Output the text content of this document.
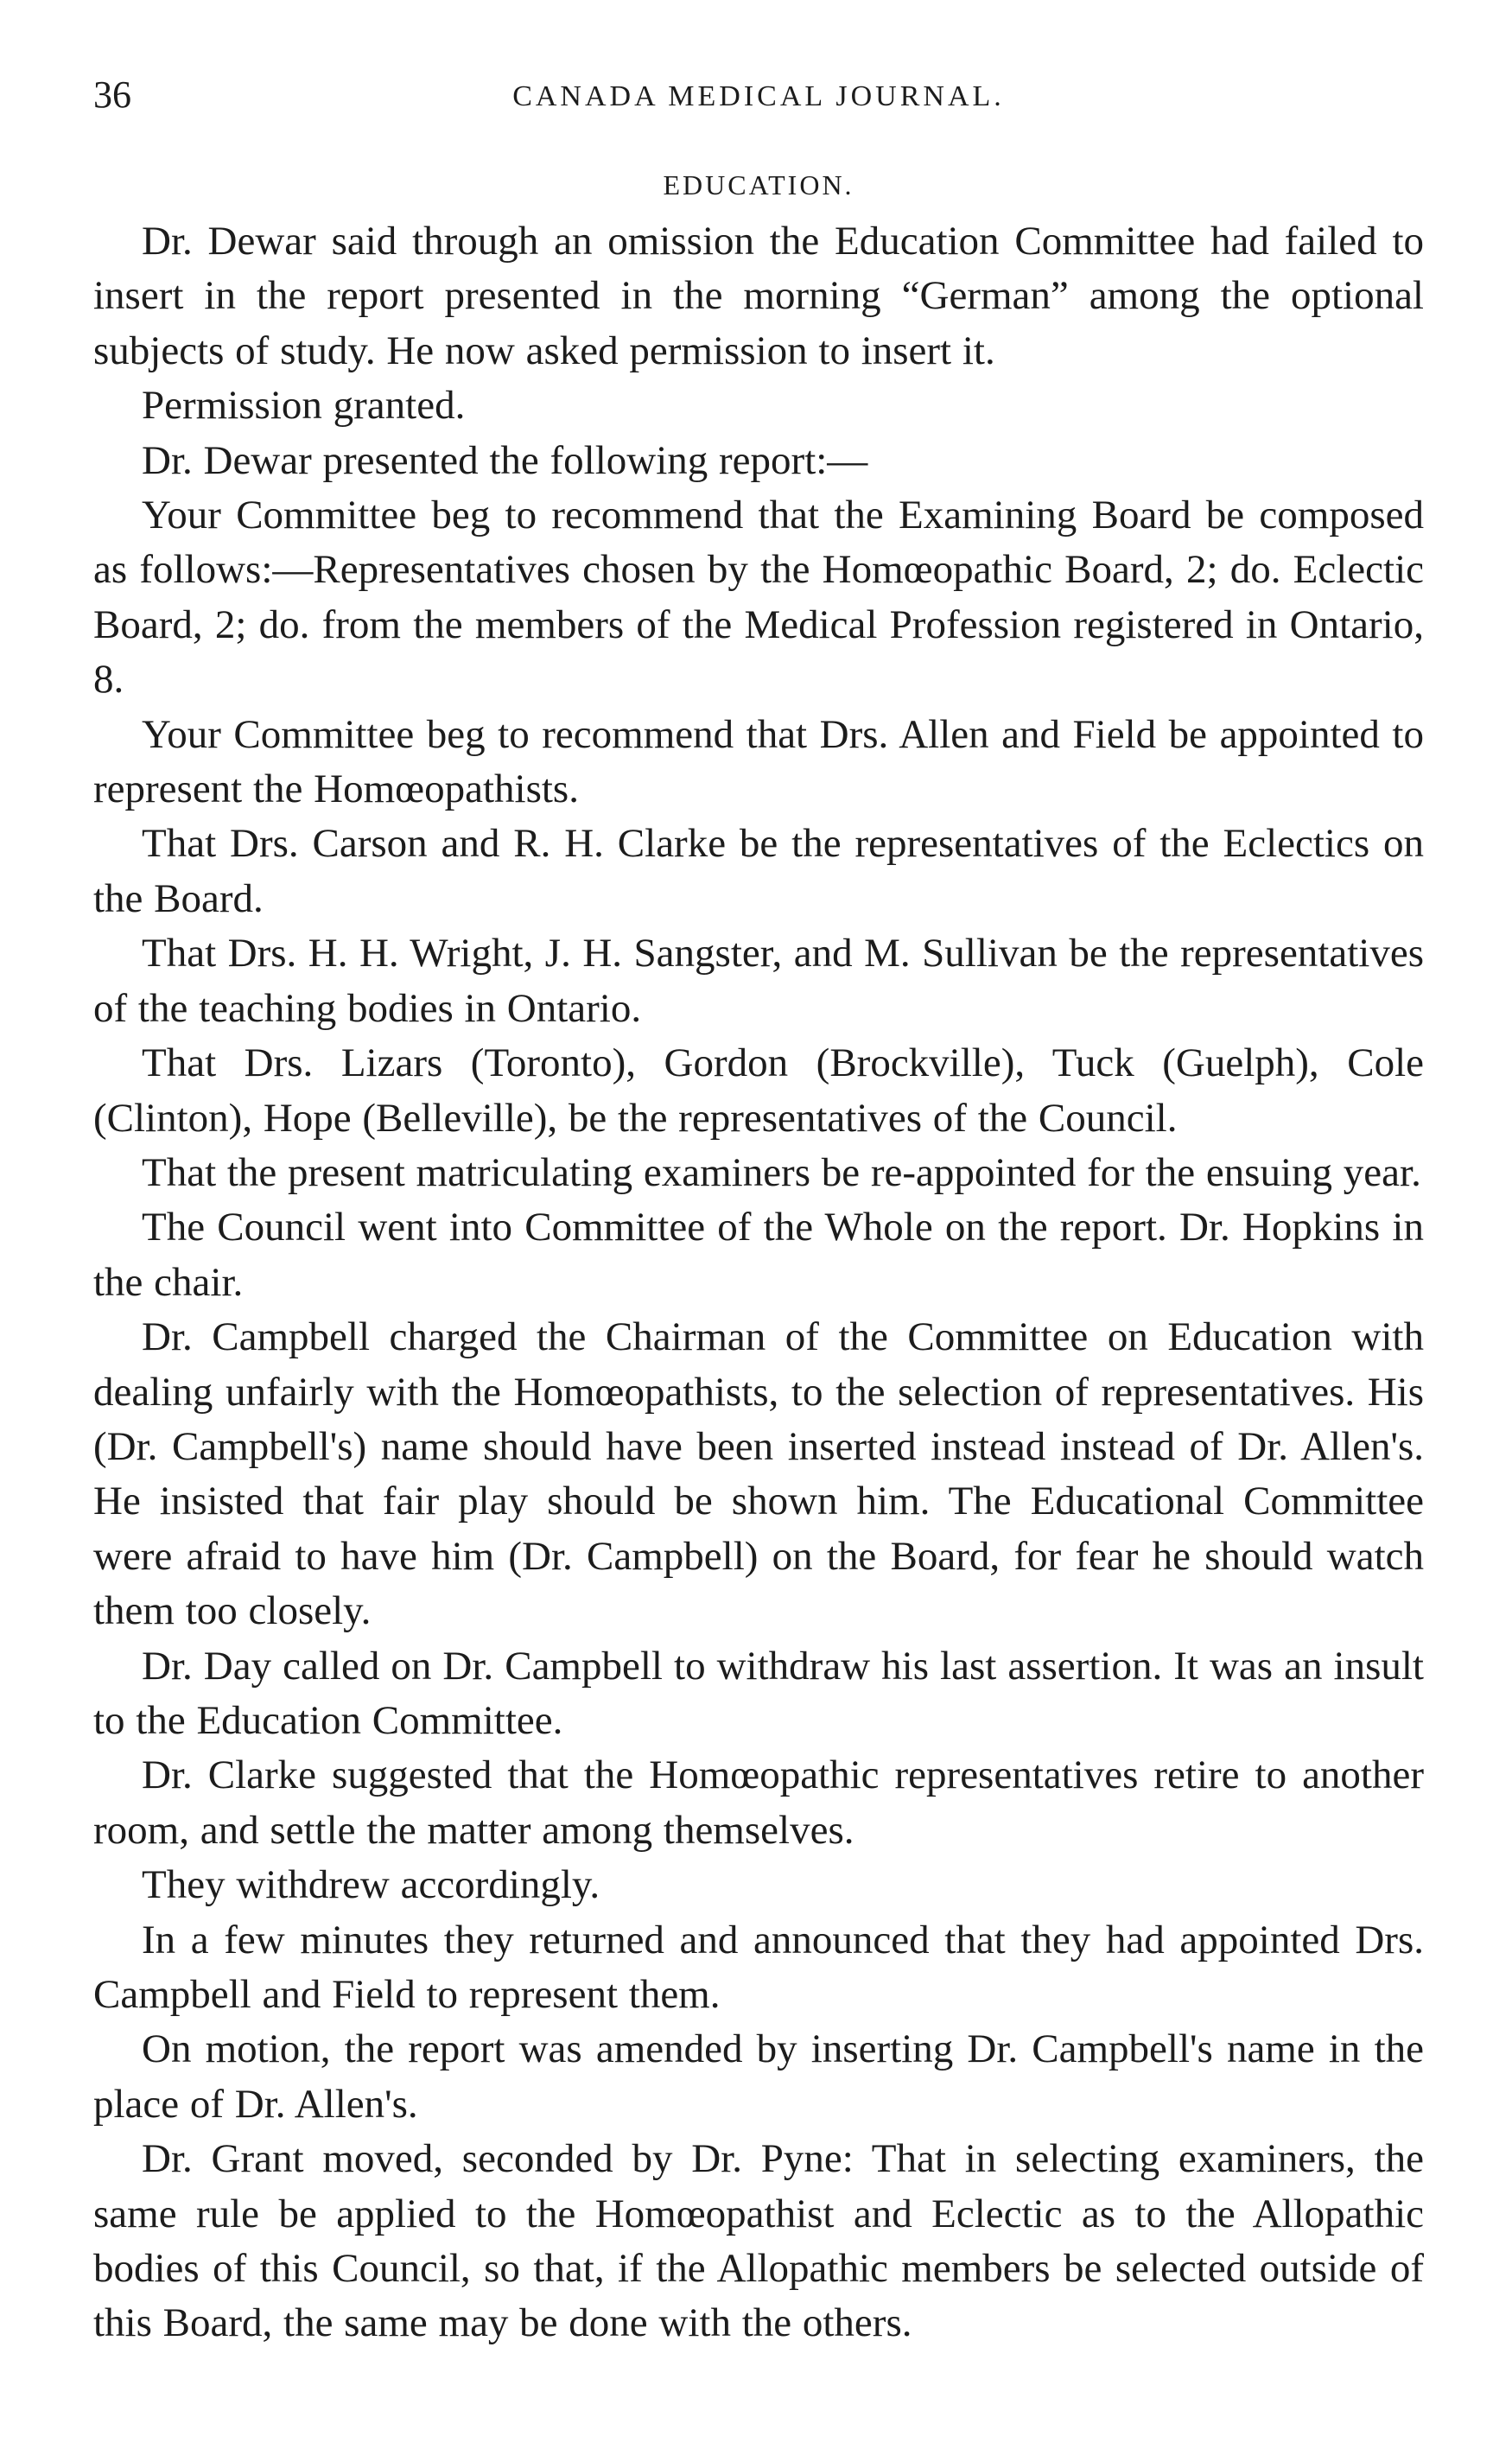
36	CANADA MEDICAL JOURNAL.
EDUCATION.

Dr. Dewar said through an omission the Education Committee had failed to insert in the report presented in the morning “German” among the optional subjects of study. He now asked permission to insert it.

Permission granted.

Dr. Dewar presented the following report:—

Your Committee beg to recommend that the Examining Board be composed as follows:—Representatives chosen by the Homœopathic Board, 2; do. Eclectic Board, 2; do. from the members of the Medical Profession registered in Ontario, 8.

Your Committee beg to recommend that Drs. Allen and Field be appointed to represent the Homœopathists.

That Drs. Carson and R. H. Clarke be the representatives of the Eclectics on the Board.

That Drs. H. H. Wright, J. H. Sangster, and M. Sullivan be the representatives of the teaching bodies in Ontario.

That Drs. Lizars (Toronto), Gordon (Brockville), Tuck (Guelph), Cole (Clinton), Hope (Belleville), be the representatives of the Council.

That the present matriculating examiners be re-appointed for the ensuing year.

The Council went into Committee of the Whole on the report. Dr. Hopkins in the chair.

Dr. Campbell charged the Chairman of the Committee on Education with dealing unfairly with the Homœopathists, to the selection of representatives. His (Dr. Campbell's) name should have been inserted instead instead of Dr. Allen's. He insisted that fair play should be shown him. The Educational Committee were afraid to have him (Dr. Campbell) on the Board, for fear he should watch them too closely.

Dr. Day called on Dr. Campbell to withdraw his last assertion. It was an insult to the Education Committee.

Dr. Clarke suggested that the Homœopathic representatives retire to another room, and settle the matter among themselves.

They withdrew accordingly.

In a few minutes they returned and announced that they had appointed Drs. Campbell and Field to represent them.

On motion, the report was amended by inserting Dr. Campbell's name in the place of Dr. Allen's.

Dr. Grant moved, seconded by Dr. Pyne: That in selecting examiners, the same rule be applied to the Homœopathist and Eclectic as to the Allopathic bodies of this Council, so that, if the Allopathic members be selected outside of this Board, the same may be done with the others.
